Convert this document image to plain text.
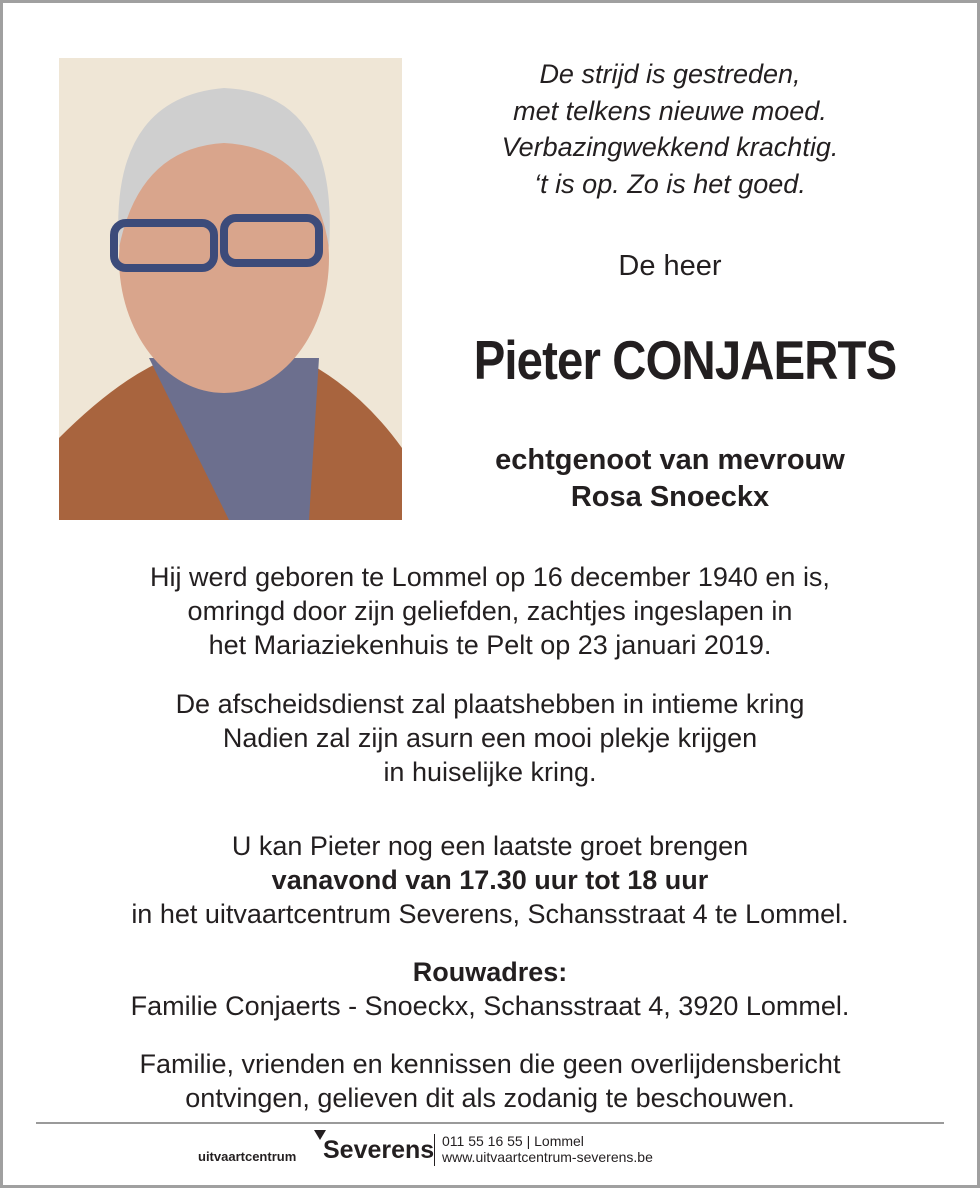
De strijd is gestreden,
met telkens nieuwe moed.
Verbazingwekkend krachtig.
‘t is op. Zo is het goed.
De heer
Pieter CONJAERTS
echtgenoot van mevrouw
Rosa Snoeckx
Hij werd geboren te Lommel op 16 december 1940 en is,
omringd door zijn geliefden, zachtjes ingeslapen in
het Mariaziekenhuis te Pelt op 23 januari 2019.
De afscheidsdienst zal plaatshebben in intieme kring
Nadien zal zijn asurn een mooi plekje krijgen
in huiselijke kring.
U kan Pieter nog een laatste groet brengen
vanavond van 17.30 uur tot 18 uur
in het uitvaartcentrum Severens, Schansstraat 4 te Lommel.
Rouwadres:
Familie Conjaerts - Snoeckx, Schansstraat 4, 3920 Lommel.
Familie, vrienden en kennissen die geen overlijdensbericht
ontvingen, gelieven dit als zodanig te beschouwen.
uitvaartcentrum Severens 011 55 16 55 | Lommel
www.uitvaartcentrum-severens.be
